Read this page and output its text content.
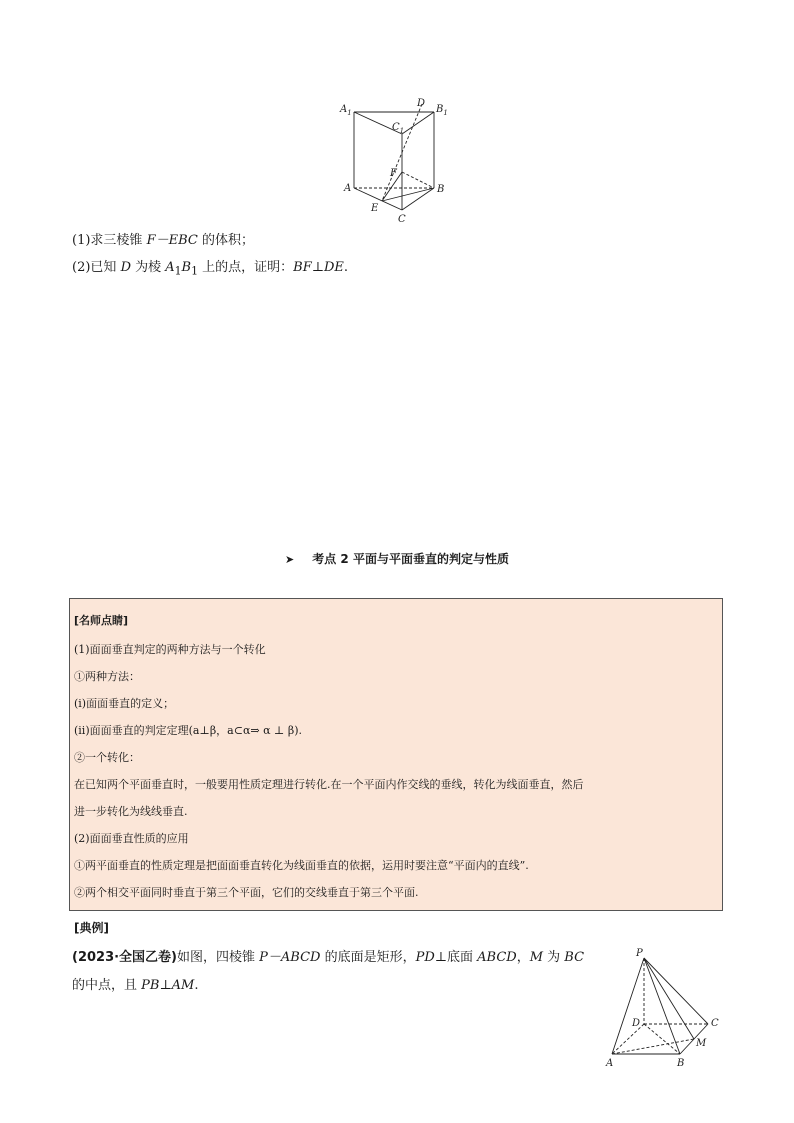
$A_1$
D
$B_1$
$C_1$
F
A	B
E
C
(1)求三棱锥 F－EBC 的体积；
(2)已知 D 为棱 $A_1B_1$ 上的点，证明：BF⊥DE.
➤ 考点 2 平面与平面垂直的判定与性质
[名师点睛]
(1)面面垂直判定的两种方法与一个转化
①两种方法：
(ⅰ)面面垂直的定义；
(ⅱ)面面垂直的判定定理(a⊥β，a⊂α⇒ α ⊥ β).
②一个转化：
在已知两个平面垂直时，一般要用性质定理进行转化.在一个平面内作交线的垂线，转化为线面垂直，然后
进一步转化为线线垂直.
(2)面面垂直性质的应用
①两平面垂直的性质定理是把面面垂直转化为线面垂直的依据，运用时要注意“平面内的直线”.
②两个相交平面同时垂直于第三个平面，它们的交线垂直于第三个平面.
[典例]
(2023·全国乙卷)如图，四棱锥 P－ABCD 的底面是矩形，PD⊥底面 ABCD，M 为 BC
的中点，且 PB⊥AM.
P
D	C
M
A	B
